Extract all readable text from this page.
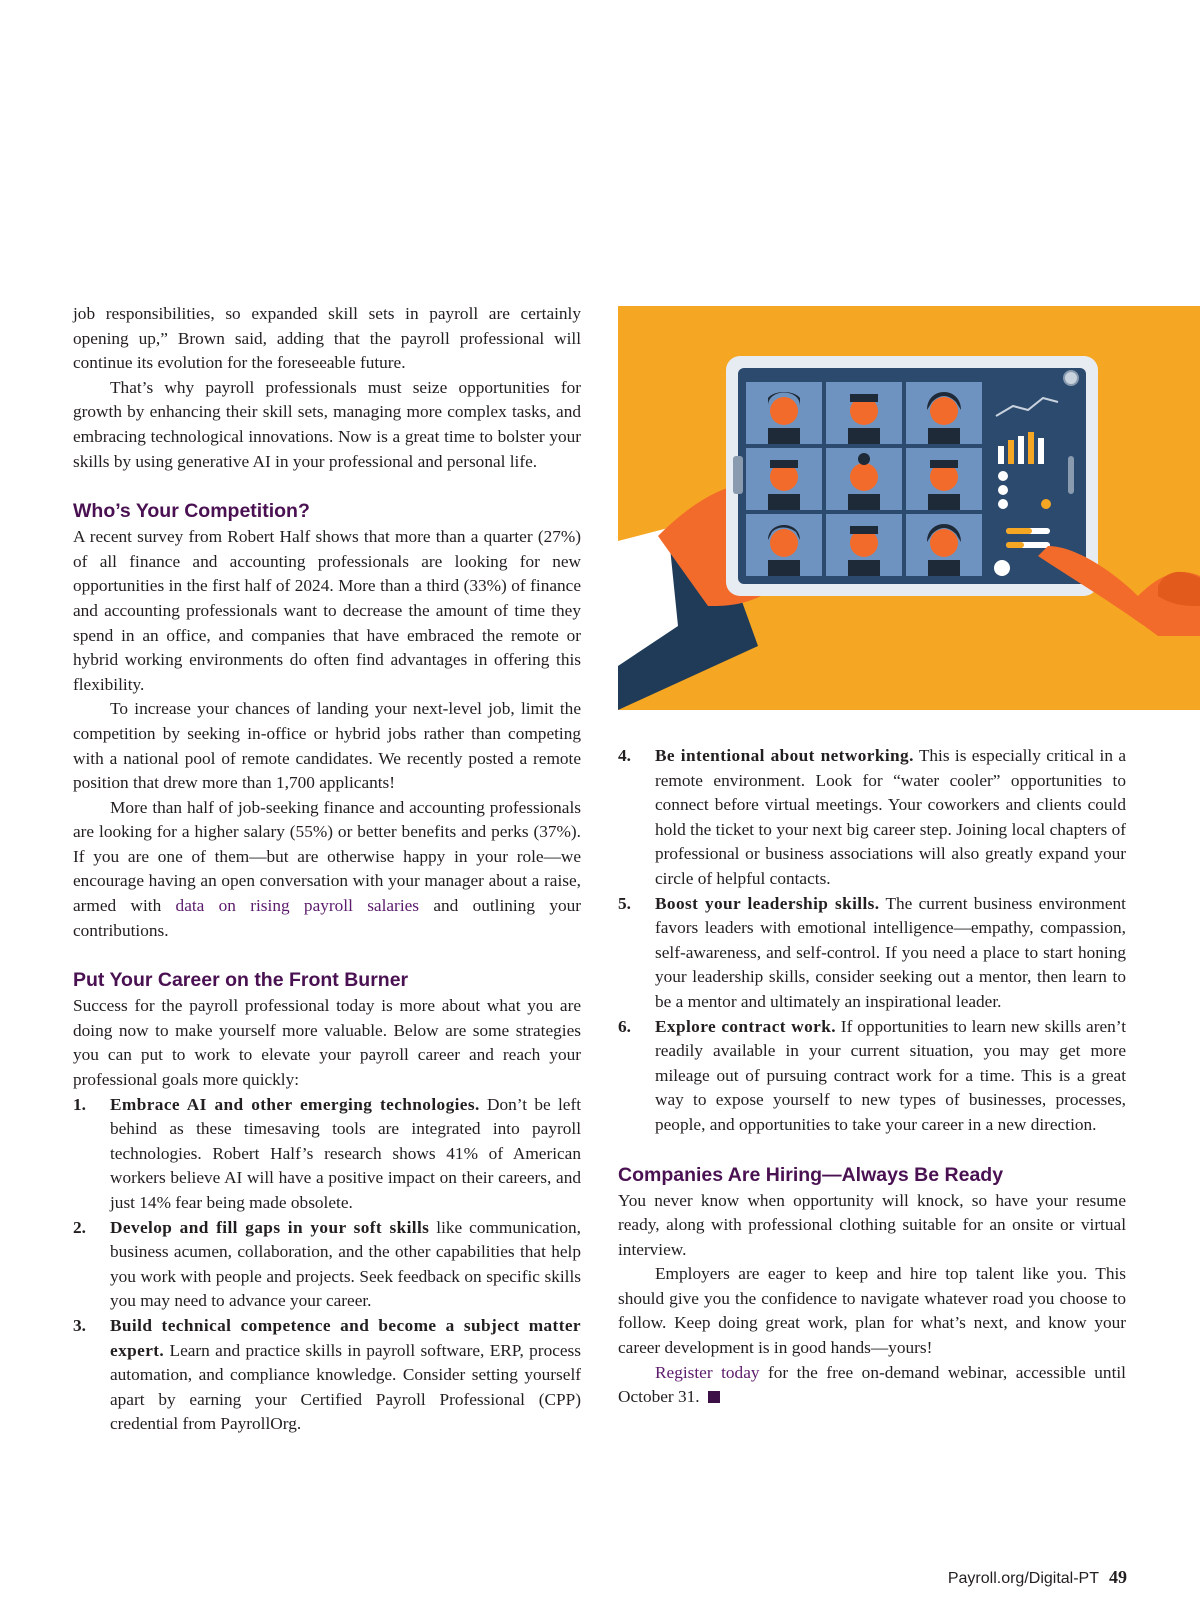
job responsibilities, so expanded skill sets in payroll are certainly opening up,” Brown said, adding that the payroll professional will continue its evolution for the foreseeable future.

That’s why payroll professionals must seize opportunities for growth by enhancing their skill sets, managing more complex tasks, and embracing technological innovations. Now is a great time to bolster your skills by using generative AI in your professional and personal life.

Who’s Your Competition?

A recent survey from Robert Half shows that more than a quarter (27%) of all finance and accounting professionals are looking for new opportunities in the first half of 2024. More than a third (33%) of finance and accounting professionals want to decrease the amount of time they spend in an office, and companies that have embraced the remote or hybrid working environments do often find advantages in offering this flexibility.

To increase your chances of landing your next-level job, limit the competition by seeking in-office or hybrid jobs rather than competing with a national pool of remote candidates. We recently posted a remote position that drew more than 1,700 applicants!

More than half of job-seeking finance and accounting professionals are looking for a higher salary (55%) or better benefits and perks (37%). If you are one of them—but are otherwise happy in your role—we encourage having an open conversation with your manager about a raise, armed with data on rising payroll salaries and outlining your contributions.

Put Your Career on the Front Burner

Success for the payroll professional today is more about what you are doing now to make yourself more valuable. Below are some strategies you can put to work to elevate your payroll career and reach your professional goals more quickly:

1. Embrace AI and other emerging technologies. Don’t be left behind as these timesaving tools are integrated into payroll technologies. Robert Half’s research shows 41% of American workers believe AI will have a positive impact on their careers, and just 14% fear being made obsolete.
2. Develop and fill gaps in your soft skills like communication, business acumen, collaboration, and the other capabilities that help you work with people and projects. Seek feedback on specific skills you may need to advance your career.
3. Build technical competence and become a subject matter expert. Learn and practice skills in payroll software, ERP, process automation, and compliance knowledge. Consider setting yourself apart by earning your Certified Payroll Professional (CPP) credential from PayrollOrg.
4. Be intentional about networking. This is especially critical in a remote environment. Look for “water cooler” opportunities to connect before virtual meetings. Your coworkers and clients could hold the ticket to your next big career step. Joining local chapters of professional or business associations will also greatly expand your circle of helpful contacts.
5. Boost your leadership skills. The current business environment favors leaders with emotional intelligence—empathy, compassion, self-awareness, and self-control. If you need a place to start honing your leadership skills, consider seeking out a mentor, then learn to be a mentor and ultimately an inspirational leader.
6. Explore contract work. If opportunities to learn new skills aren’t readily available in your current situation, you may get more mileage out of pursuing contract work for a time. This is a great way to expose yourself to new types of businesses, processes, people, and opportunities to take your career in a new direction.
Companies Are Hiring—Always Be Ready

You never know when opportunity will knock, so have your resume ready, along with professional clothing suitable for an onsite or virtual interview.

Employers are eager to keep and hire top talent like you. This should give you the confidence to navigate whatever road you choose to follow. Keep doing great work, plan for what’s next, and know your career development is in good hands—yours!

Register today for the free on-demand webinar, accessible until October 31.

Payroll.org/Digital-PT 49
